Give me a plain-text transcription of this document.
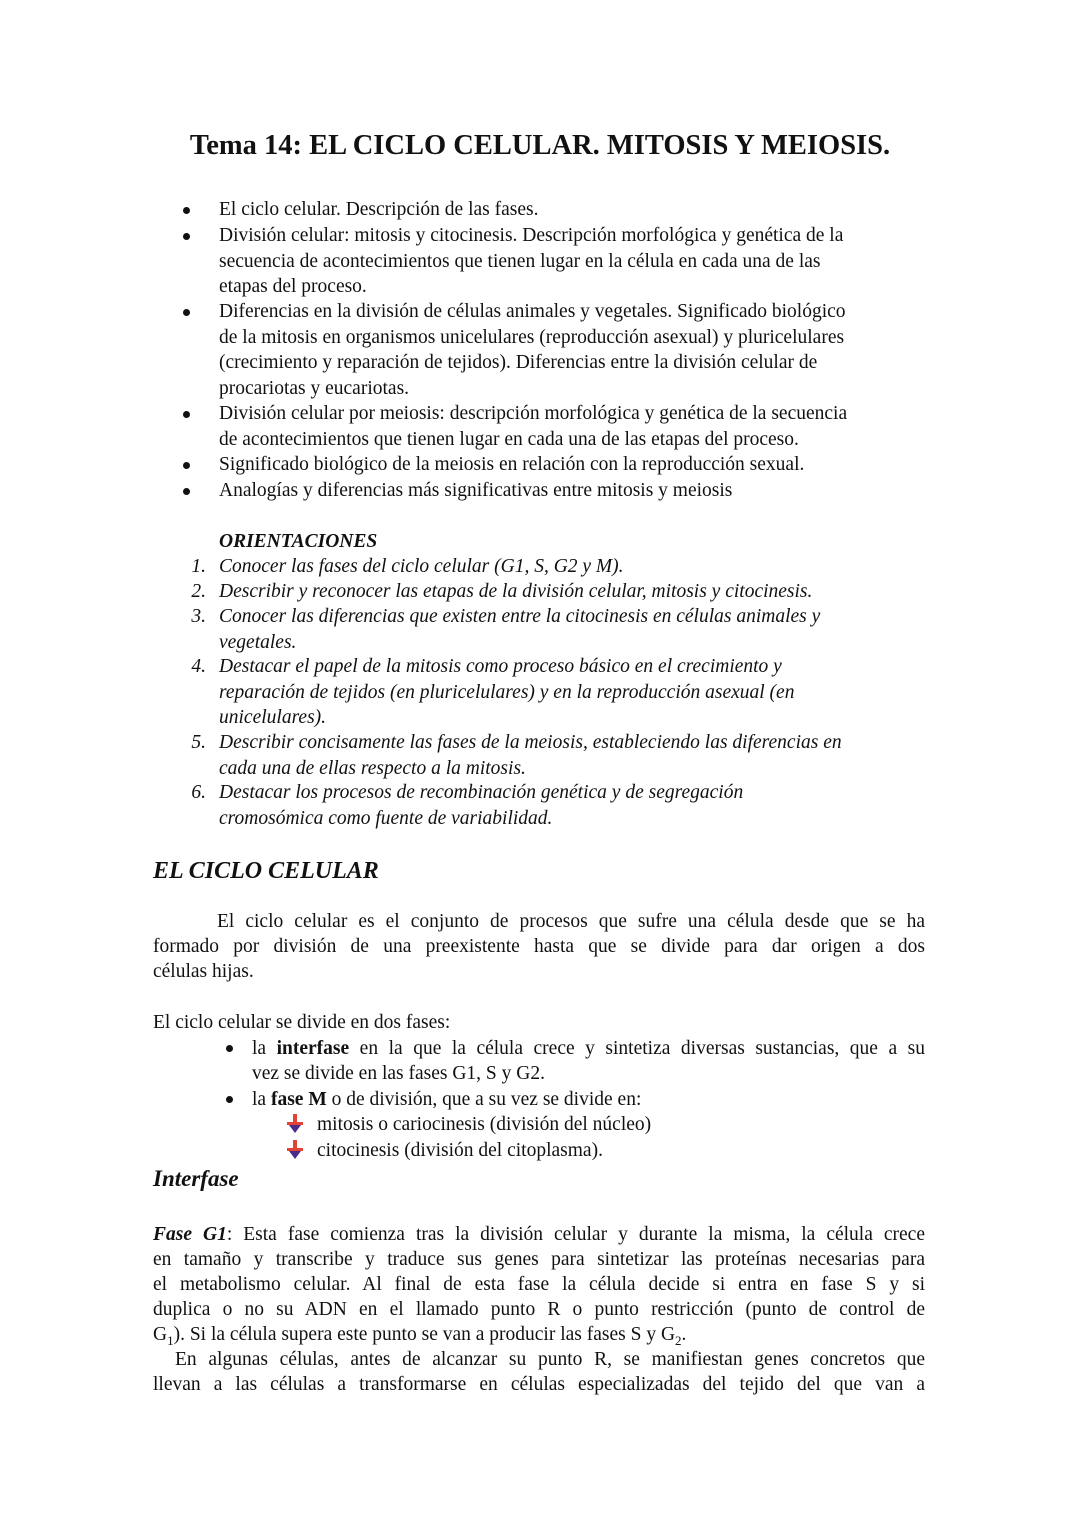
Tema 14: EL CICLO CELULAR. MITOSIS Y MEIOSIS.
El ciclo celular. Descripción de las fases.
División celular: mitosis y citocinesis. Descripción morfológica y genética de la
secuencia de acontecimientos que tienen lugar en la célula en cada una de las
etapas del proceso.
Diferencias en la división de células animales y vegetales. Significado biológico
de la mitosis en organismos unicelulares (reproducción asexual) y pluricelulares
(crecimiento y reparación de tejidos). Diferencias entre la división celular de
procariotas y eucariotas.
División celular por meiosis: descripción morfológica y genética de la secuencia
de acontecimientos que tienen lugar en cada una de las etapas del proceso.
Significado biológico de la meiosis en relación con la reproducción sexual.
Analogías y diferencias más significativas entre mitosis y meiosis
ORIENTACIONES
1. Conocer las fases del ciclo celular (G1, S, G2 y M).
2. Describir y reconocer las etapas de la división celular, mitosis y citocinesis.
3. Conocer las diferencias que existen entre la citocinesis en células animales y
vegetales.
4. Destacar el papel de la mitosis como proceso básico en el crecimiento y
reparación de tejidos (en pluricelulares) y en la reproducción asexual (en
unicelulares).
5. Describir concisamente las fases de la meiosis, estableciendo las diferencias en
cada una de ellas respecto a la mitosis.
6. Destacar los procesos de recombinación genética y de segregación
cromosómica como fuente de variabilidad.
EL CICLO CELULAR
El ciclo celular es el conjunto de procesos que sufre una célula desde que se ha
formado por división de una preexistente hasta que se divide para dar origen a dos
células hijas.
El ciclo celular se divide en dos fases:
la interfase en la que la célula crece y sintetiza diversas sustancias, que a su
vez se divide en las fases G1, S y G2.
la fase M o de división, que a su vez se divide en:
mitosis o cariocinesis (división del núcleo)
citocinesis (división del citoplasma).
Interfase
Fase G1: Esta fase comienza tras la división celular y durante la misma, la célula crece
en tamaño y transcribe y traduce sus genes para sintetizar las proteínas necesarias para
el metabolismo celular. Al final de esta fase la célula decide si entra en fase S y si
duplica o no su ADN en el llamado punto R o punto restricción (punto de control de
$G_1$). Si la célula supera este punto se van a producir las fases S y $G_2$.
En algunas células, antes de alcanzar su punto R, se manifiestan genes concretos que
llevan a las células a transformarse en células especializadas del tejido del que van a
